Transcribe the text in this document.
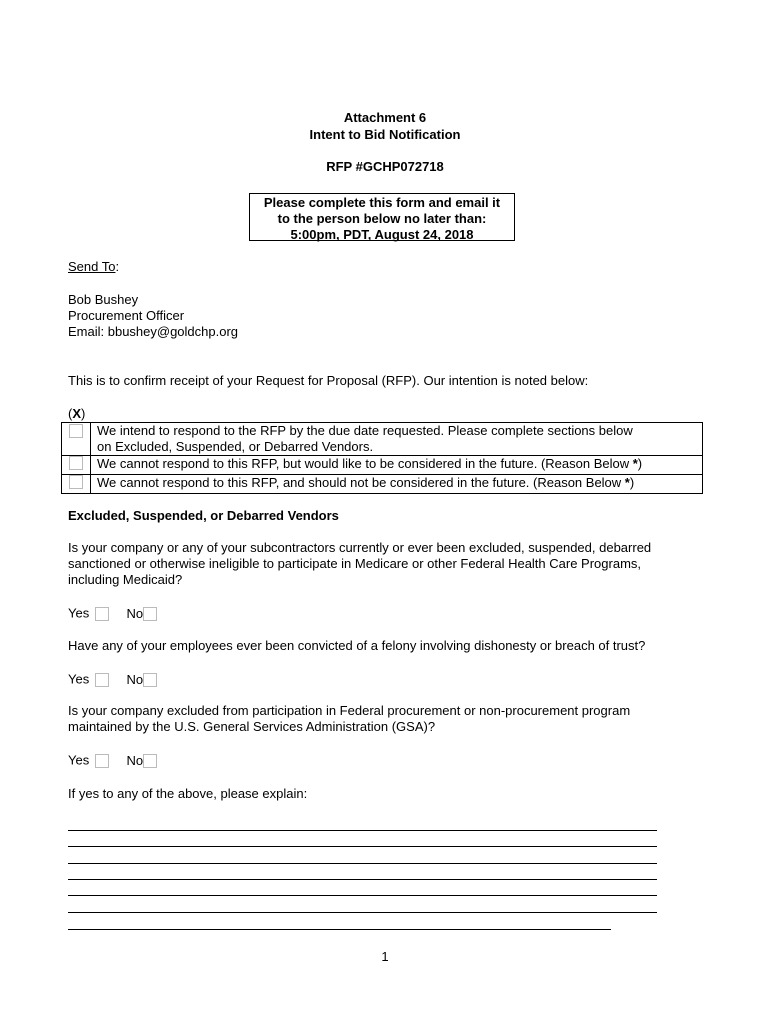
Attachment 6
Intent to Bid Notification
RFP #GCHP072718
Please complete this form and email it
to the person below no later than:
5:00pm, PDT, August 24, 2018
Send To:
Bob Bushey
Procurement Officer
Email: bbushey@goldchp.org
This is to confirm receipt of your Request for Proposal (RFP). Our intention is noted below:
(X)

	We intend to respond to the RFP by the due date requested. Please complete sections below
on Excluded, Suspended, or Debarred Vendors.

	We cannot respond to this RFP, but would like to be considered in the future. (Reason Below *)
	We cannot respond to this RFP, and should not be considered in the future. (Reason Below *)
Excluded, Suspended, or Debarred Vendors
Is your company or any of your subcontractors currently or ever been excluded, suspended, debarred
sanctioned or otherwise ineligible to participate in Medicare or other Federal Health Care Programs,
including Medicaid?
Yes	No
Have any of your employees ever been convicted of a felony involving dishonesty or breach of trust?
Yes	No
Is your company excluded from participation in Federal procurement or non-procurement program
maintained by the U.S. General Services Administration (GSA)?
Yes	No
If yes to any of the above, please explain:
1
